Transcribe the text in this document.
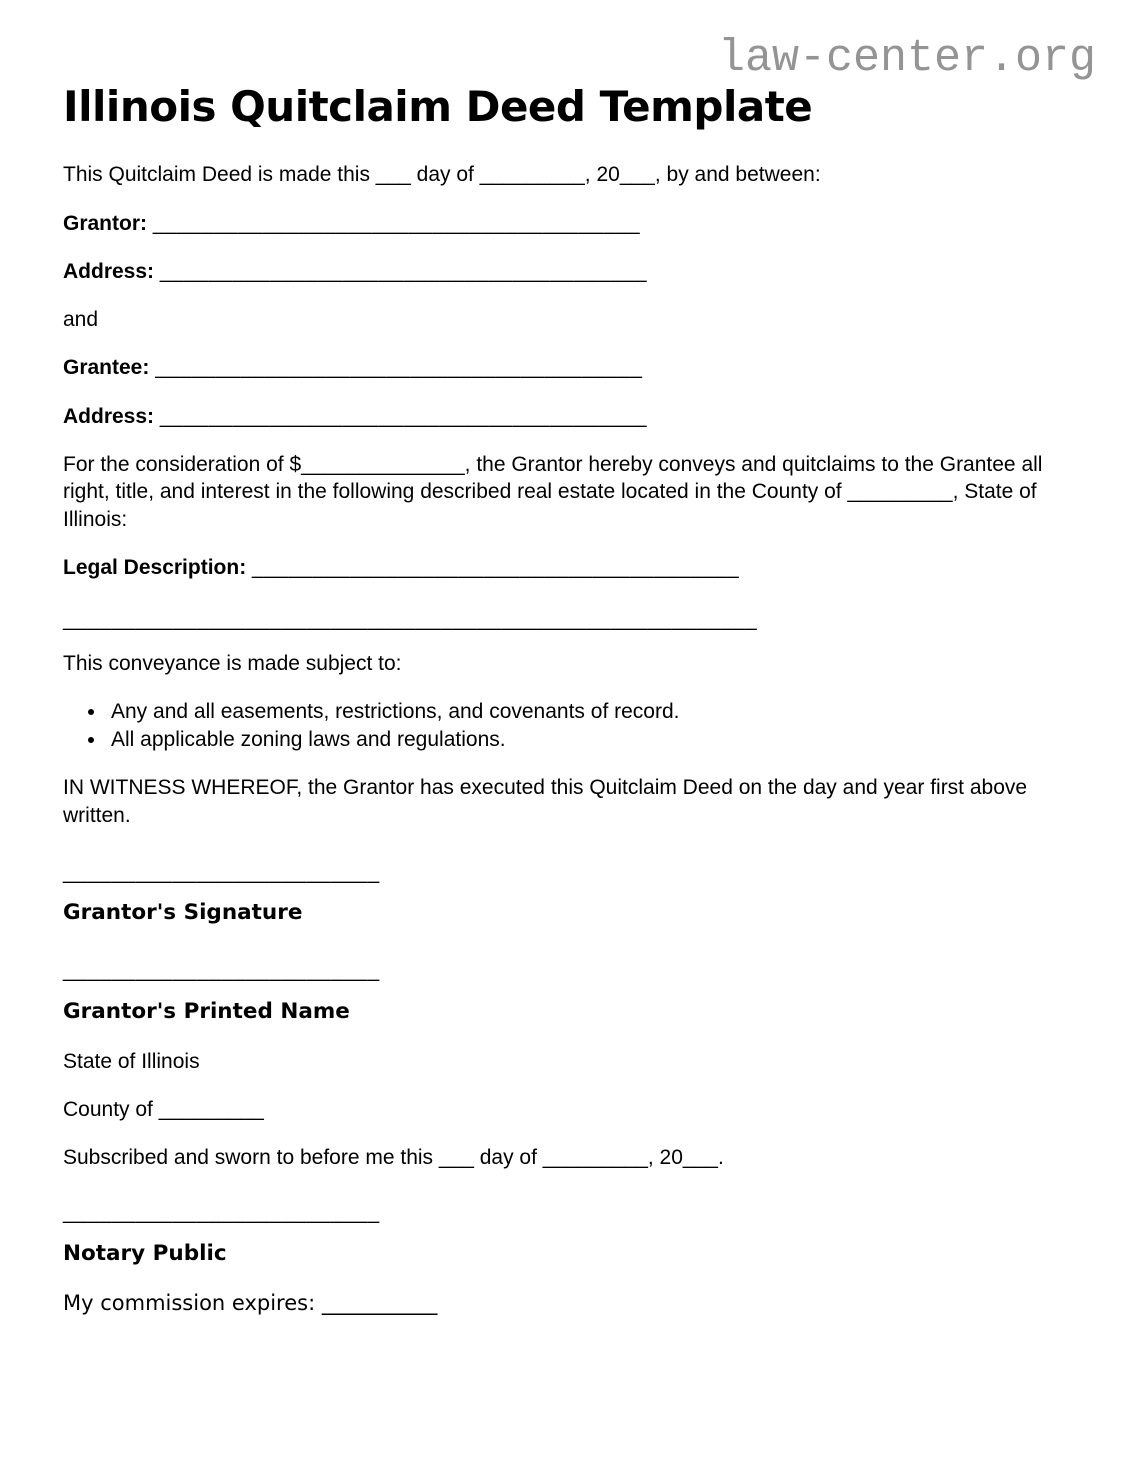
law-center.org
Illinois Quitclaim Deed Template

This Quitclaim Deed is made this ___ day of _________, 20___, by and between:

Grantor: ________________________________________

Address: ________________________________________

and

Grantee: ________________________________________

Address: ________________________________________

For the consideration of $______________, the Grantor hereby conveys and quitclaims to the Grantee all right, title, and interest in the following described real estate located in the County of _________, State of Illinois:

Legal Description: ________________________________________

_________________________________________________________

This conveyance is made subject to:

• Any and all easements, restrictions, and covenants of record.
• All applicable zoning laws and regulations.

IN WITNESS WHEREOF, the Grantor has executed this Quitclaim Deed on the day and year first above written.

__________________________

Grantor's Signature

__________________________

Grantor's Printed Name

State of Illinois

County of _________

Subscribed and sworn to before me this ___ day of _________, 20___.

__________________________

Notary Public

My commission expires: ___________
